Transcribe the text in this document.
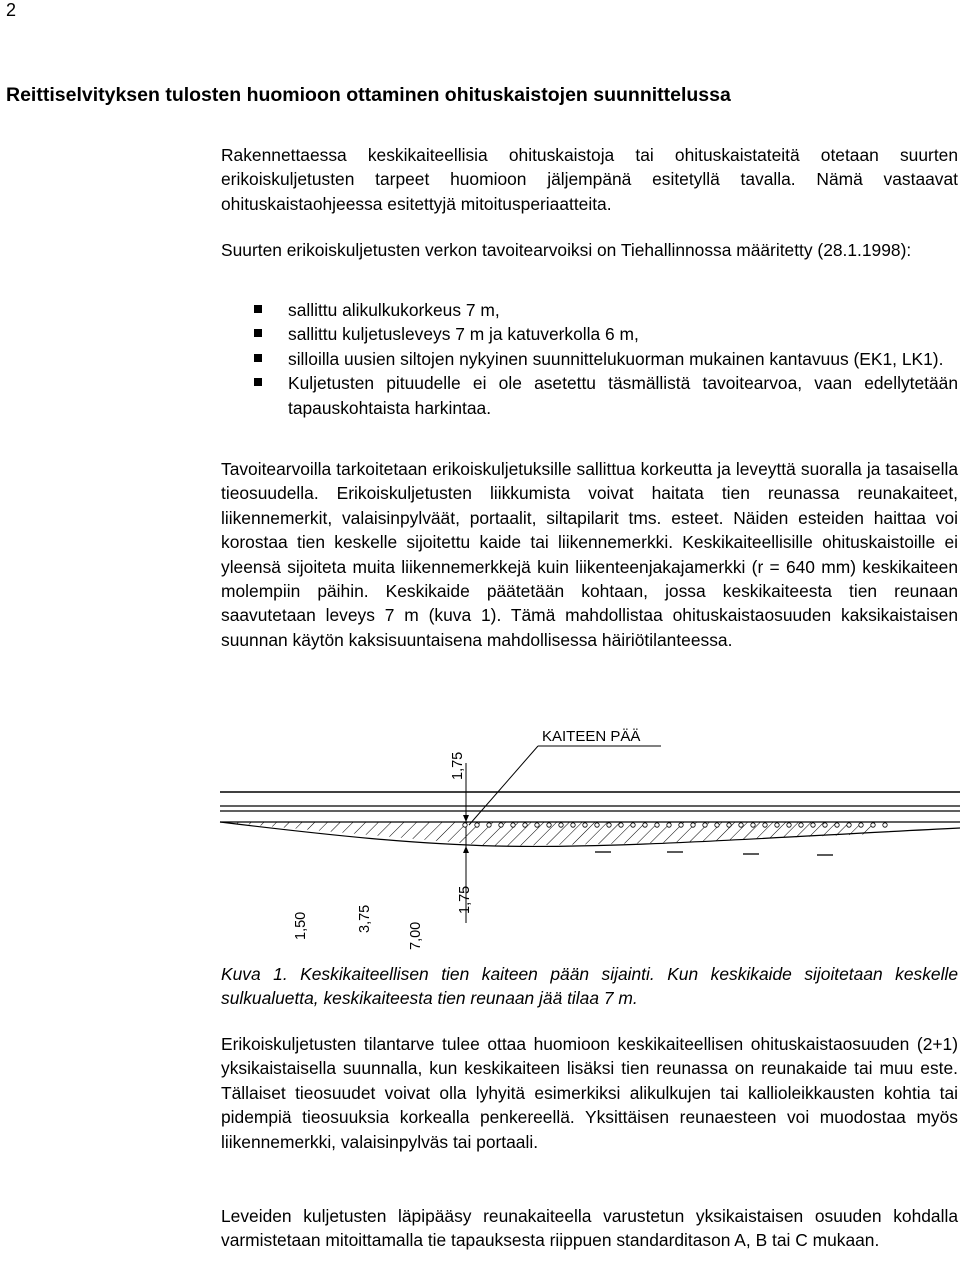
2
Reittiselvityksen tulosten huomioon ottaminen ohituskaistojen suunnittelussa

Rakennettaessa keskikaiteellisia ohituskaistoja tai ohituskaistateitä otetaan suurten erikoiskuljetusten tarpeet huomioon jäljempänä esitetyllä tavalla. Nämä vastaavat ohituskaistaohjeessa esitettyjä mitoitusperiaatteita.

Suurten erikoiskuljetusten verkon tavoitearvoiksi on Tiehallinnossa määritetty (28.1.1998):

sallittu alikulkukorkeus 7 m,
sallittu kuljetusleveys 7 m ja katuverkolla 6 m,
silloilla uusien siltojen nykyinen suunnittelukuorman mukainen kantavuus (EK1, LK1).
Kuljetusten pituudelle ei ole asetettu täsmällistä tavoitearvoa, vaan edellytetään tapauskohtaista harkintaa.

Tavoitearvoilla tarkoitetaan erikoiskuljetuksille sallittua korkeutta ja leveyttä suoralla ja tasaisella tieosuudella. Erikoiskuljetusten liikkumista voivat haitata tien reunassa reunakaiteet, liikennemerkit, valaisinpylväät, portaalit, siltapilarit tms. esteet. Näiden esteiden haittaa voi korostaa tien keskelle sijoitettu kaide tai liikennemerkki. Keskikaiteellisille ohituskaistoille ei yleensä sijoiteta muita liikennemerkkejä kuin liikenteenjakajamerkki (r = 640 mm) keskikaiteen molempiin päihin. Keskikaide päätetään kohtaan, jossa keskikaiteesta tien reunaan saavutetaan leveys 7 m (kuva 1). Tämä mahdollistaa ohituskaistaosuuden kaksikaistaisen suunnan käytön kaksisuuntaisena mahdollisessa häiriötilanteessa.

KAITEEN PÄÄ
1,75
1,50	3,75
7,00
1,75

Kuva 1. Keskikaiteellisen tien kaiteen pään sijainti. Kun keskikaide sijoitetaan keskelle sulkualuetta, keskikaiteesta tien reunaan jää tilaa 7 m.

Erikoiskuljetusten tilantarve tulee ottaa huomioon keskikaiteellisen ohituskaistaosuuden (2+1) yksikaistaisella suunnalla, kun keskikaiteen lisäksi tien reunassa on reunakaide tai muu este. Tällaiset tieosuudet voivat olla lyhyitä esimerkiksi alikulkujen tai kallioleikkausten kohtia tai pidempiä tieosuuksia korkealla penkereellä. Yksittäisen reunaesteen voi muodostaa myös liikennemerkki, valaisinpylväs tai portaali.

Leveiden kuljetusten läpipääsy reunakaiteella varustetun yksikaistaisen osuuden kohdalla varmistetaan mitoittamalla tie tapauksesta riippuen standarditason A, B tai C mukaan.
